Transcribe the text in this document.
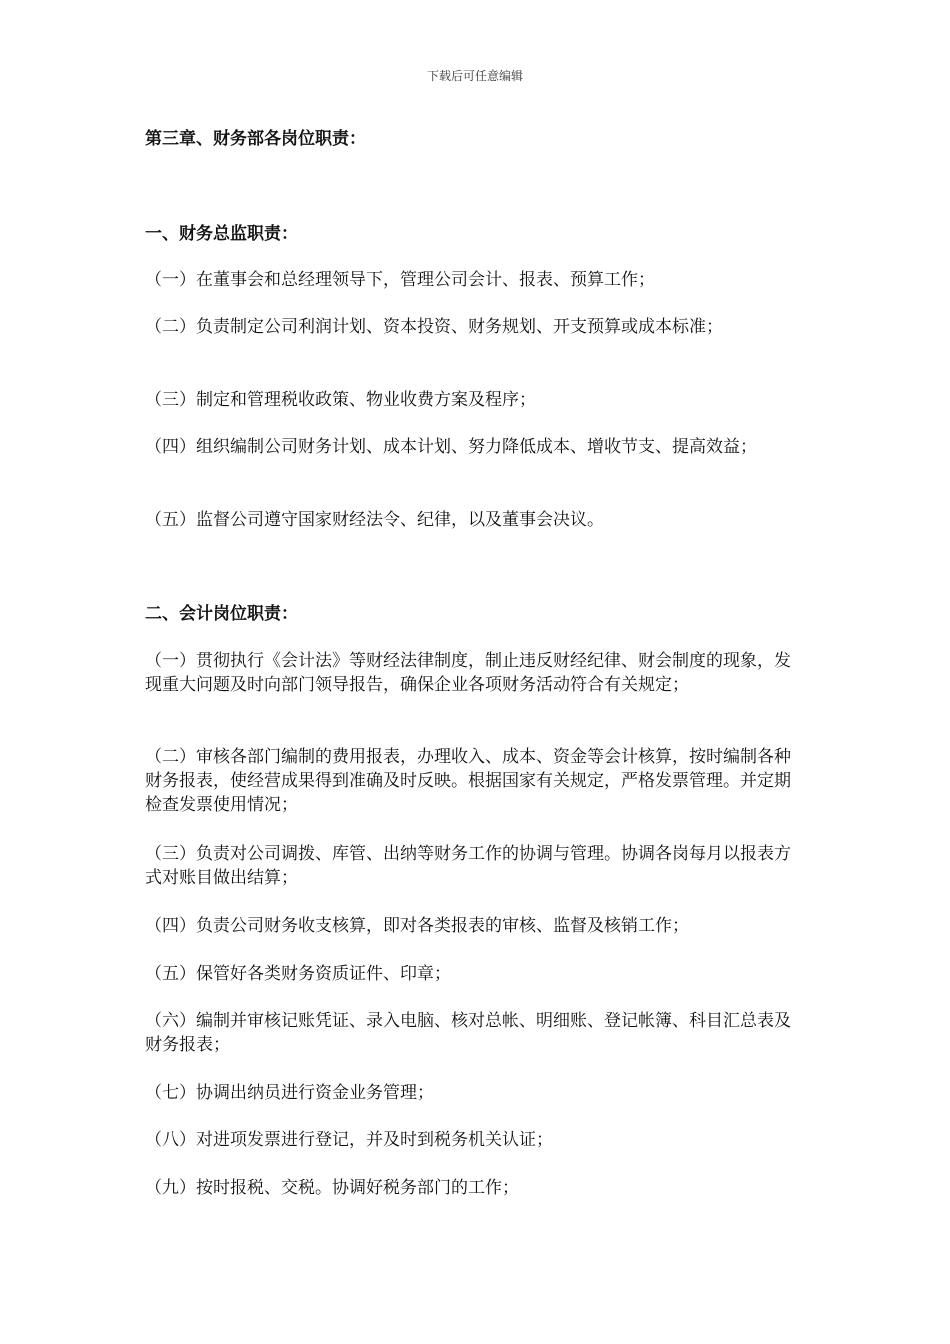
下载后可任意编辑
第三章、财务部各岗位职责：
一、财务总监职责：
（一）在董事会和总经理领导下，管理公司会计、报表、预算工作；
（二）负责制定公司利润计划、资本投资、财务规划、开支预算或成本标准；
（三）制定和管理税收政策、物业收费方案及程序；
（四）组织编制公司财务计划、成本计划、努力降低成本、增收节支、提高效益；
（五）监督公司遵守国家财经法令、纪律，以及董事会决议。
二、会计岗位职责：
（一）贯彻执行《会计法》等财经法律制度，制止违反财经纪律、财会制度的现象，发现重大问题及时向部门领导报告，确保企业各项财务活动符合有关规定；
（二）审核各部门编制的费用报表，办理收入、成本、资金等会计核算，按时编制各种财务报表，使经营成果得到准确及时反映。根据国家有关规定，严格发票管理。并定期检查发票使用情况；
（三）负责对公司调拨、库管、出纳等财务工作的协调与管理。协调各岗每月以报表方式对账目做出结算；
（四）负责公司财务收支核算，即对各类报表的审核、监督及核销工作；
（五）保管好各类财务资质证件、印章；
（六）编制并审核记账凭证、录入电脑、核对总帐、明细账、登记帐簿、科目汇总表及财务报表；
（七）协调出纳员进行资金业务管理；
（八）对进项发票进行登记，并及时到税务机关认证；
（九）按时报税、交税。协调好税务部门的工作；
